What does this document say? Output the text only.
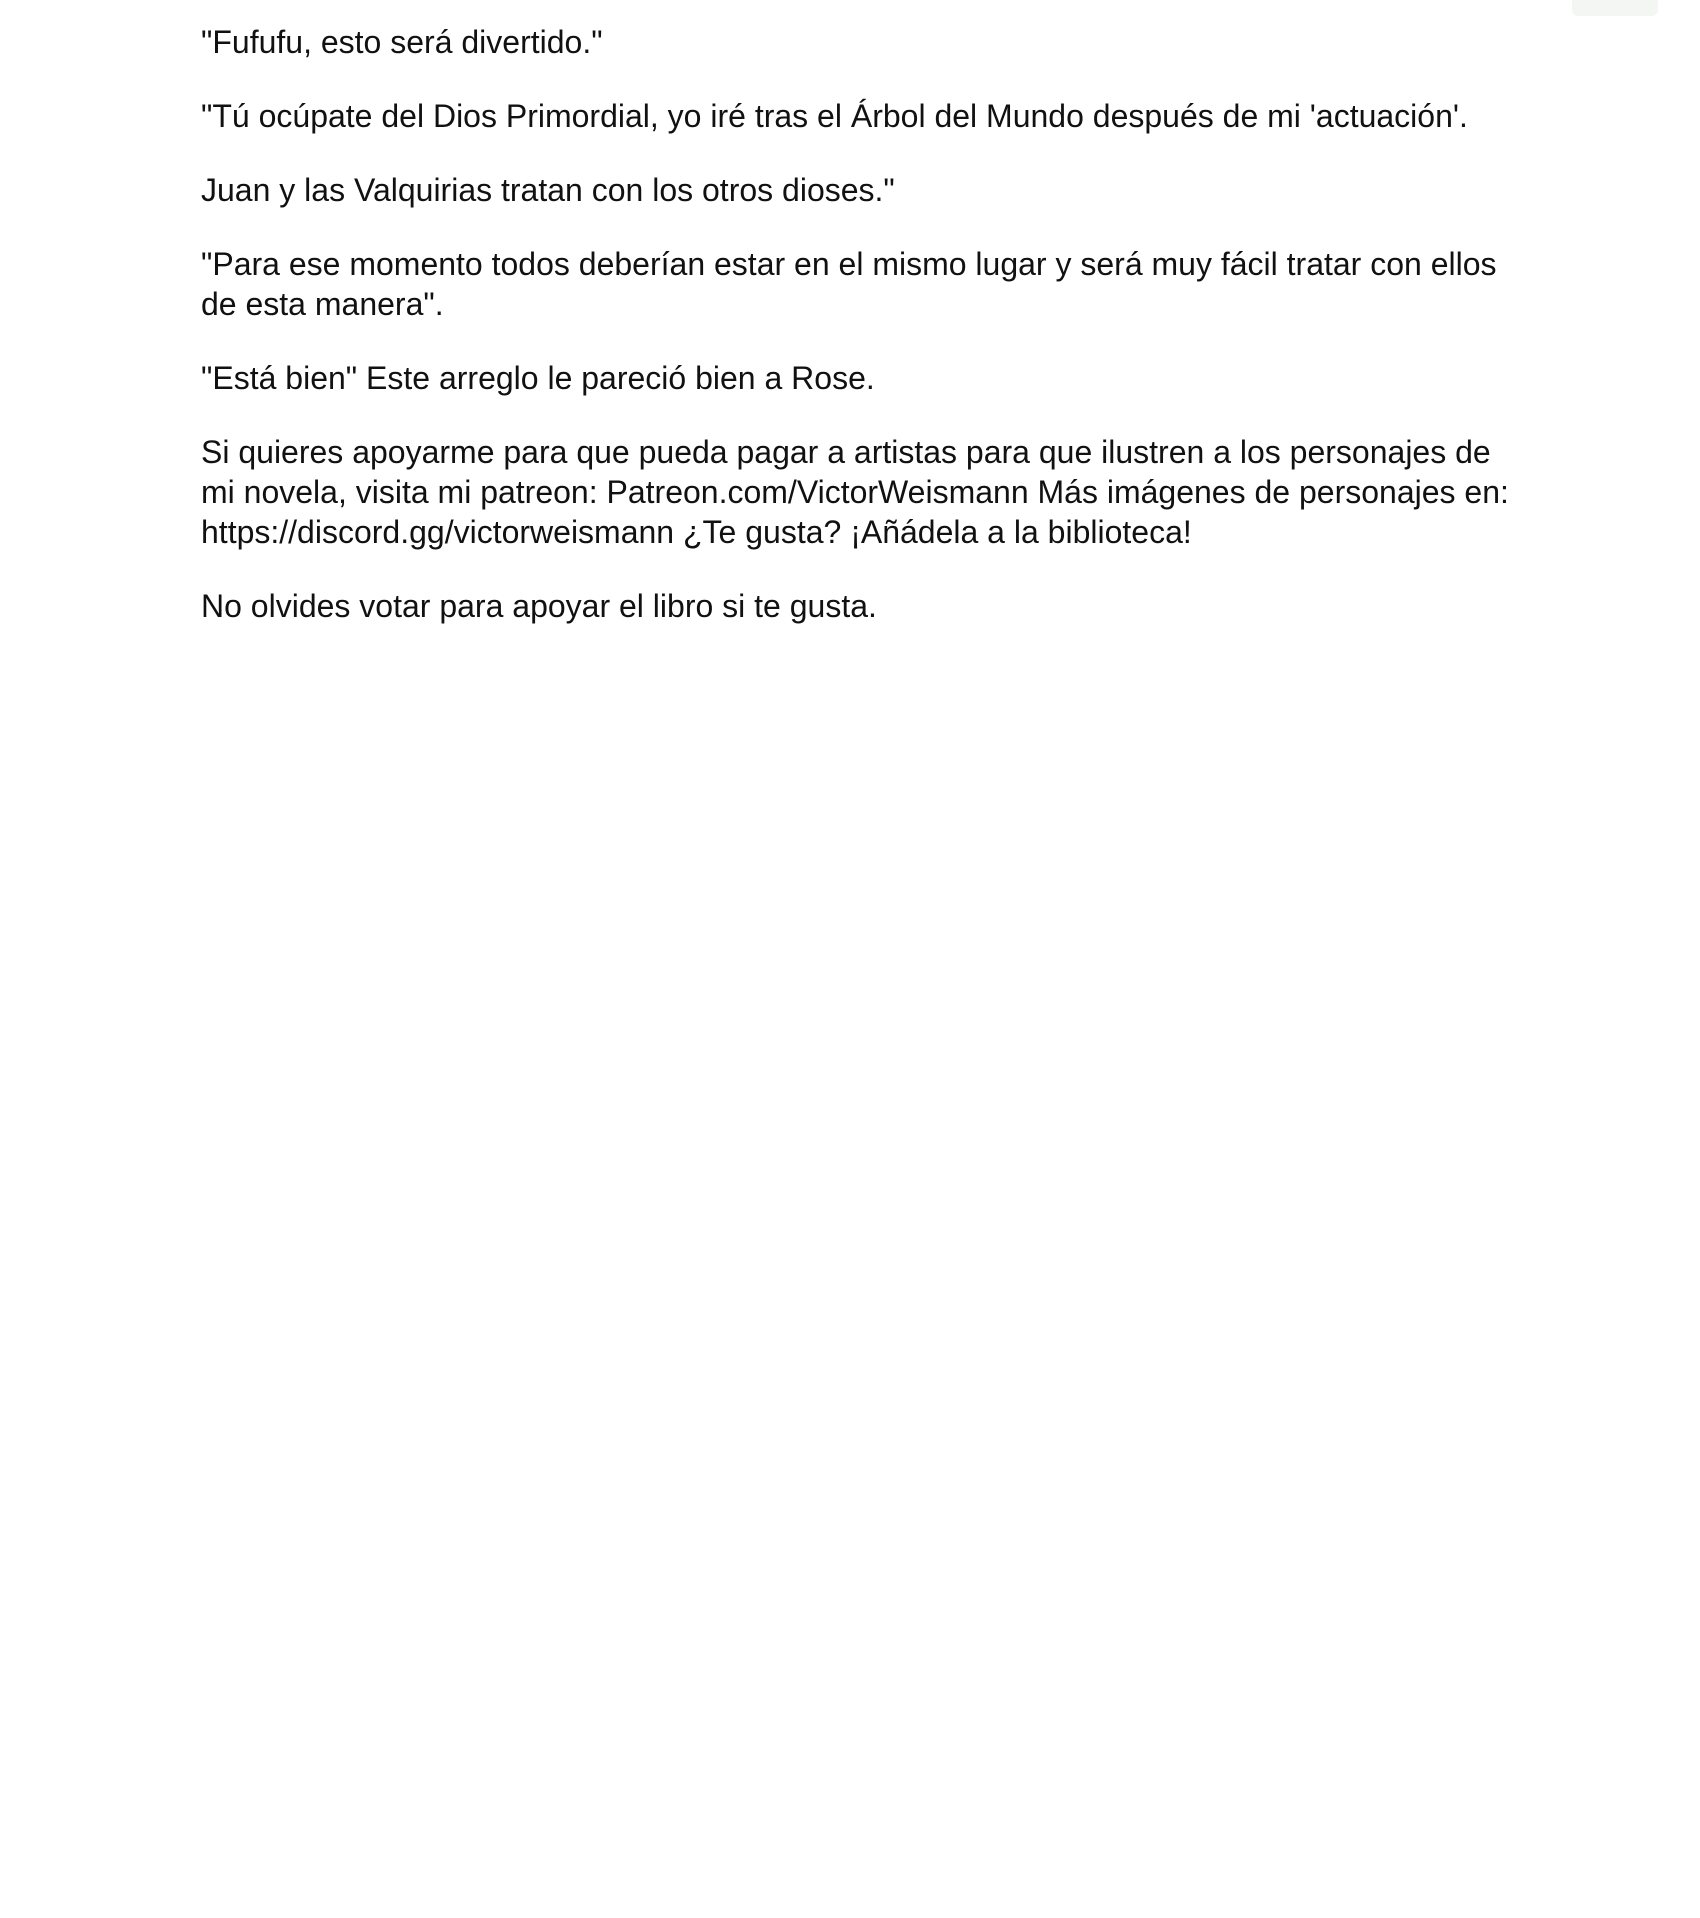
"Fufufu, esto será divertido."

"Tú ocúpate del Dios Primordial, yo iré tras el Árbol del Mundo después de mi 'actuación'.

Juan y las Valquirias tratan con los otros dioses."

"Para ese momento todos deberían estar en el mismo lugar y será muy fácil tratar con ellos de esta manera".

"Está bien" Este arreglo le pareció bien a Rose.

Si quieres apoyarme para que pueda pagar a artistas para que ilustren a los personajes de mi novela, visita mi patreon: Patreon.com/VictorWeismann Más imágenes de personajes en: https://discord.gg/victorweismann ¿Te gusta? ¡Añádela a la biblioteca!

No olvides votar para apoyar el libro si te gusta.
